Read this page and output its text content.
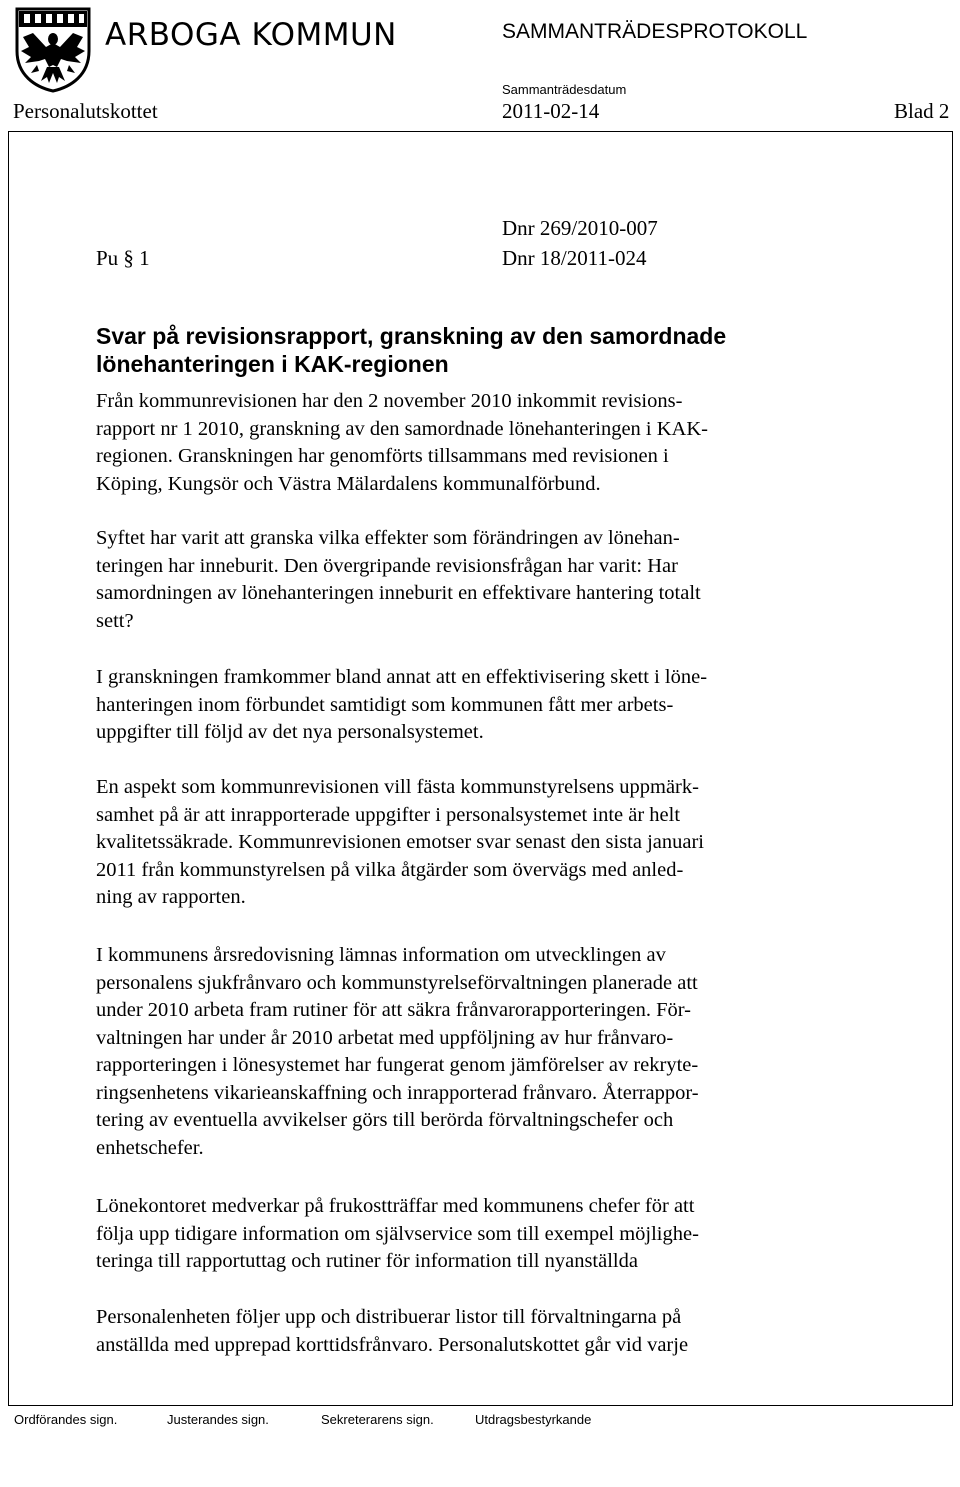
ARBOGA KOMMUN	SAMMANTRÄDESPROTOKOLL
Sammanträdesdatum
Personalutskottet	2011-02-14	Blad 2
Dnr 269/2010-007
Pu § 1	Dnr 18/2011-024
Svar på revisionsrapport, granskning av den samordnade
lönehanteringen i KAK-regionen
Från kommunrevisionen har den 2 november 2010 inkommit revisions-
rapport nr 1 2010, granskning av den samordnade lönehanteringen i KAK-
regionen. Granskningen har genomförts tillsammans med revisionen i
Köping, Kungsör och Västra Mälardalens kommunalförbund.
Syftet har varit att granska vilka effekter som förändringen av lönehan-
teringen har inneburit. Den övergripande revisionsfrågan har varit: Har
samordningen av lönehanteringen inneburit en effektivare hantering totalt
sett?
I granskningen framkommer bland annat att en effektivisering skett i löne-
hanteringen inom förbundet samtidigt som kommunen fått mer arbets-
uppgifter till följd av det nya personalsystemet.
En aspekt som kommunrevisionen vill fästa kommunstyrelsens uppmärk-
samhet på är att inrapporterade uppgifter i personalsystemet inte är helt
kvalitetssäkrade. Kommunrevisionen emotser svar senast den sista januari
2011 från kommunstyrelsen på vilka åtgärder som övervägs med anled-
ning av rapporten.
I kommunens årsredovisning lämnas information om utvecklingen av
personalens sjukfrånvaro och kommunstyrelseförvaltningen planerade att
under 2010 arbeta fram rutiner för att säkra frånvarorapporteringen. För-
valtningen har under år 2010 arbetat med uppföljning av hur frånvaro-
rapporteringen i lönesystemet har fungerat genom jämförelser av rekryte-
ringsenhetens vikarieanskaffning och inrapporterad frånvaro. Återrappor-
tering av eventuella avvikelser görs till berörda förvaltningschefer och
enhetschefer.
Lönekontoret medverkar på frukostträffar med kommunens chefer för att
följa upp tidigare information om självservice som till exempel möjlighe-
teringa till rapportuttag och rutiner för information till nyanställda
Personalenheten följer upp och distribuerar listor till förvaltningarna på
anställda med upprepad korttidsfrånvaro. Personalutskottet går vid varje
Ordförandes sign.	Justerandes sign.	Sekreterarens sign.	Utdragsbestyrkande
